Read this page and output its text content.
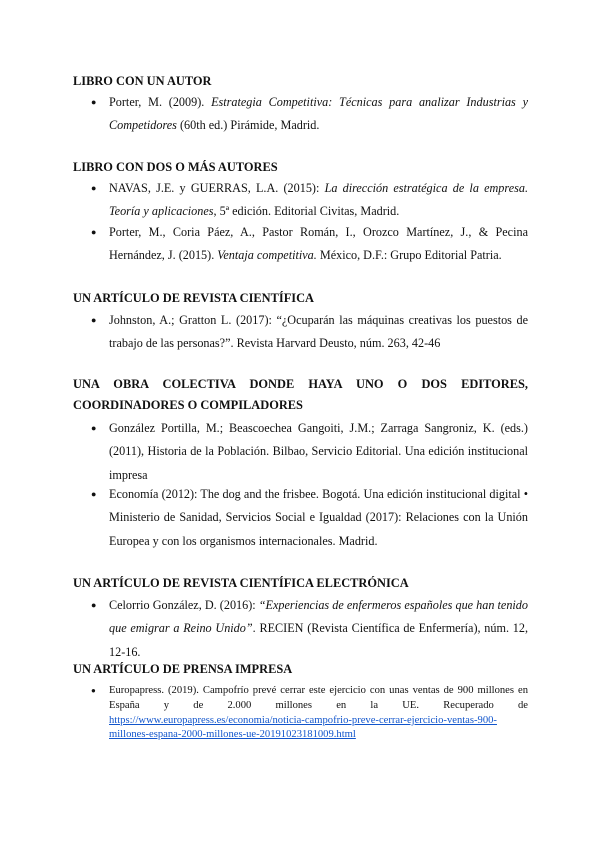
LIBRO CON UN AUTOR

● Porter, M. (2009). Estrategia Competitiva: Técnicas para analizar Industrias y Competidores (60th ed.) Pirámide, Madrid.

LIBRO CON DOS O MÁS AUTORES

● NAVAS, J.E. y GUERRAS, L.A. (2015): La dirección estratégica de la empresa. Teoría y aplicaciones, 5ª edición. Editorial Civitas, Madrid.

● Porter, M., Coria Páez, A., Pastor Román, I., Orozco Martínez, J., & Pecina Hernández, J. (2015). Ventaja competitiva. México, D.F.: Grupo Editorial Patria.

UN ARTÍCULO DE REVISTA CIENTÍFICA

● Johnston, A.; Gratton L. (2017): “¿Ocuparán las máquinas creativas los puestos de trabajo de las personas?”. Revista Harvard Deusto, núm. 263, 42-46

UNA OBRA COLECTIVA DONDE HAYA UNO O DOS EDITORES, COORDINADORES O COMPILADORES

● González Portilla, M.; Beascoechea Gangoiti, J.M.; Zarraga Sangroniz, K. (eds.) (2011), Historia de la Población. Bilbao, Servicio Editorial. Una edición institucional impresa

● Economía (2012): The dog and the frisbee. Bogotá. Una edición institucional digital • Ministerio de Sanidad, Servicios Social e Igualdad (2017): Relaciones con la Unión Europea y con los organismos internacionales. Madrid.

UN ARTÍCULO DE REVISTA CIENTÍFICA ELECTRÓNICA

● Celorrio González, D. (2016): “Experiencias de enfermeros españoles que han tenido que emigrar a Reino Unido”. RECIEN (Revista Científica de Enfermería), núm. 12, 12-16.

UN ARTÍCULO DE PRENSA IMPRESA

● Europapress. (2019). Campofrío prevé cerrar este ejercicio con unas ventas de 900 millones en España y de 2.000 millones en la UE. Recuperado de https://www.europapress.es/economia/noticia-campofrio-preve-cerrar-ejercicio-ventas-900-millones-espana-2000-millones-ue-20191023181009.html
